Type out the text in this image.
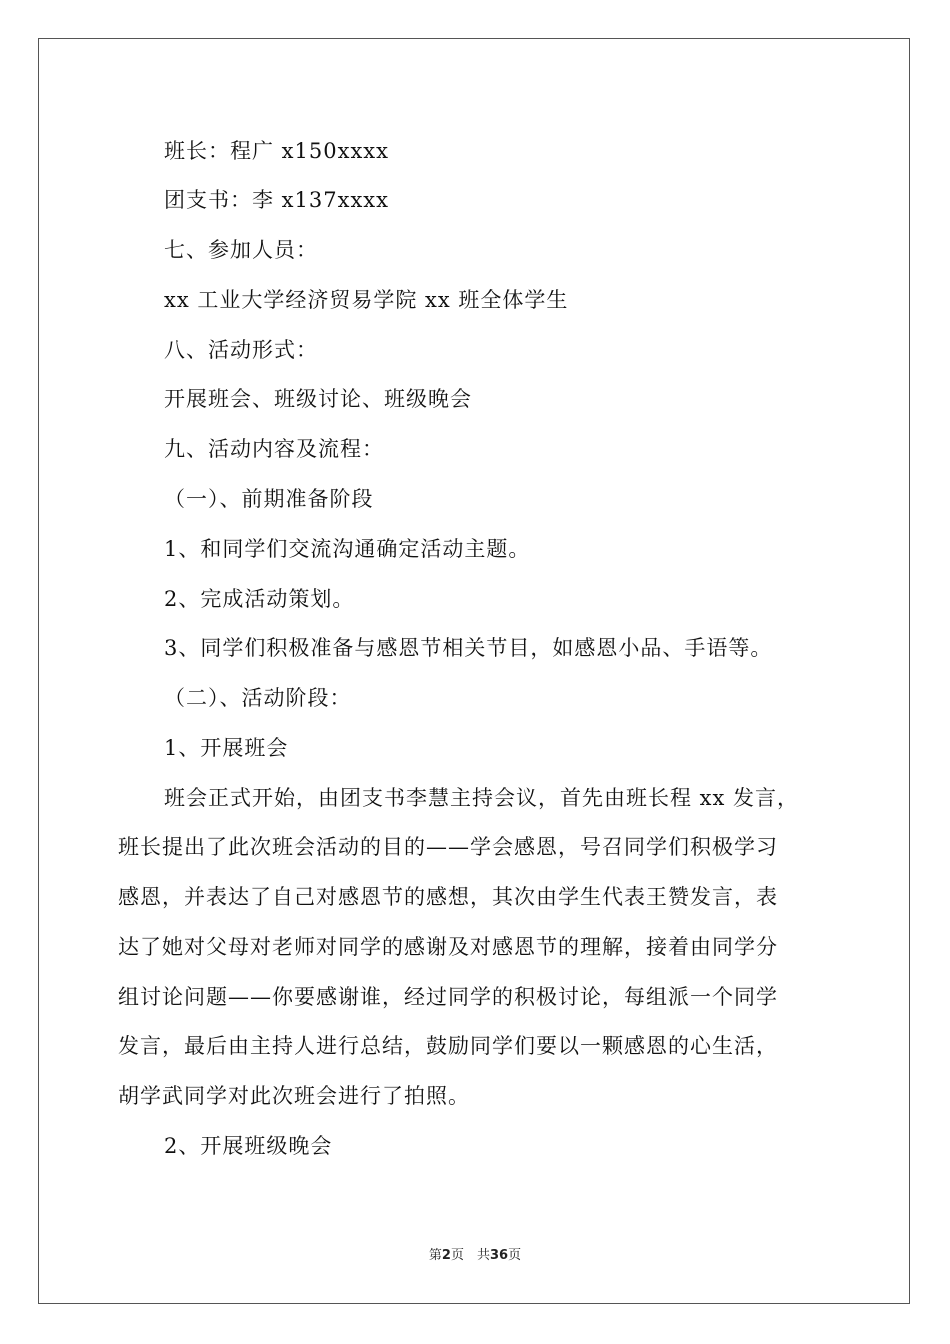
班长：程广 x150xxxx
团支书：李 x137xxxx
七、参加人员：
xx 工业大学经济贸易学院 xx 班全体学生
八、活动形式：
开展班会、班级讨论、班级晚会
九、活动内容及流程：
（一）、前期准备阶段
1、和同学们交流沟通确定活动主题。
2、完成活动策划。
3、同学们积极准备与感恩节相关节目，如感恩小品、手语等。
（二）、活动阶段：
1、开展班会
班会正式开始，由团支书李慧主持会议，首先由班长程 xx 发言，
班长提出了此次班会活动的目的——学会感恩，号召同学们积极学习
感恩，并表达了自己对感恩节的感想，其次由学生代表王赞发言，表
达了她对父母对老师对同学的感谢及对感恩节的理解，接着由同学分
组讨论问题——你要感谢谁，经过同学的积极讨论，每组派一个同学
发言，最后由主持人进行总结，鼓励同学们要以一颗感恩的心生活，
胡学武同学对此次班会进行了拍照。
2、开展班级晚会
第2页　共36页
